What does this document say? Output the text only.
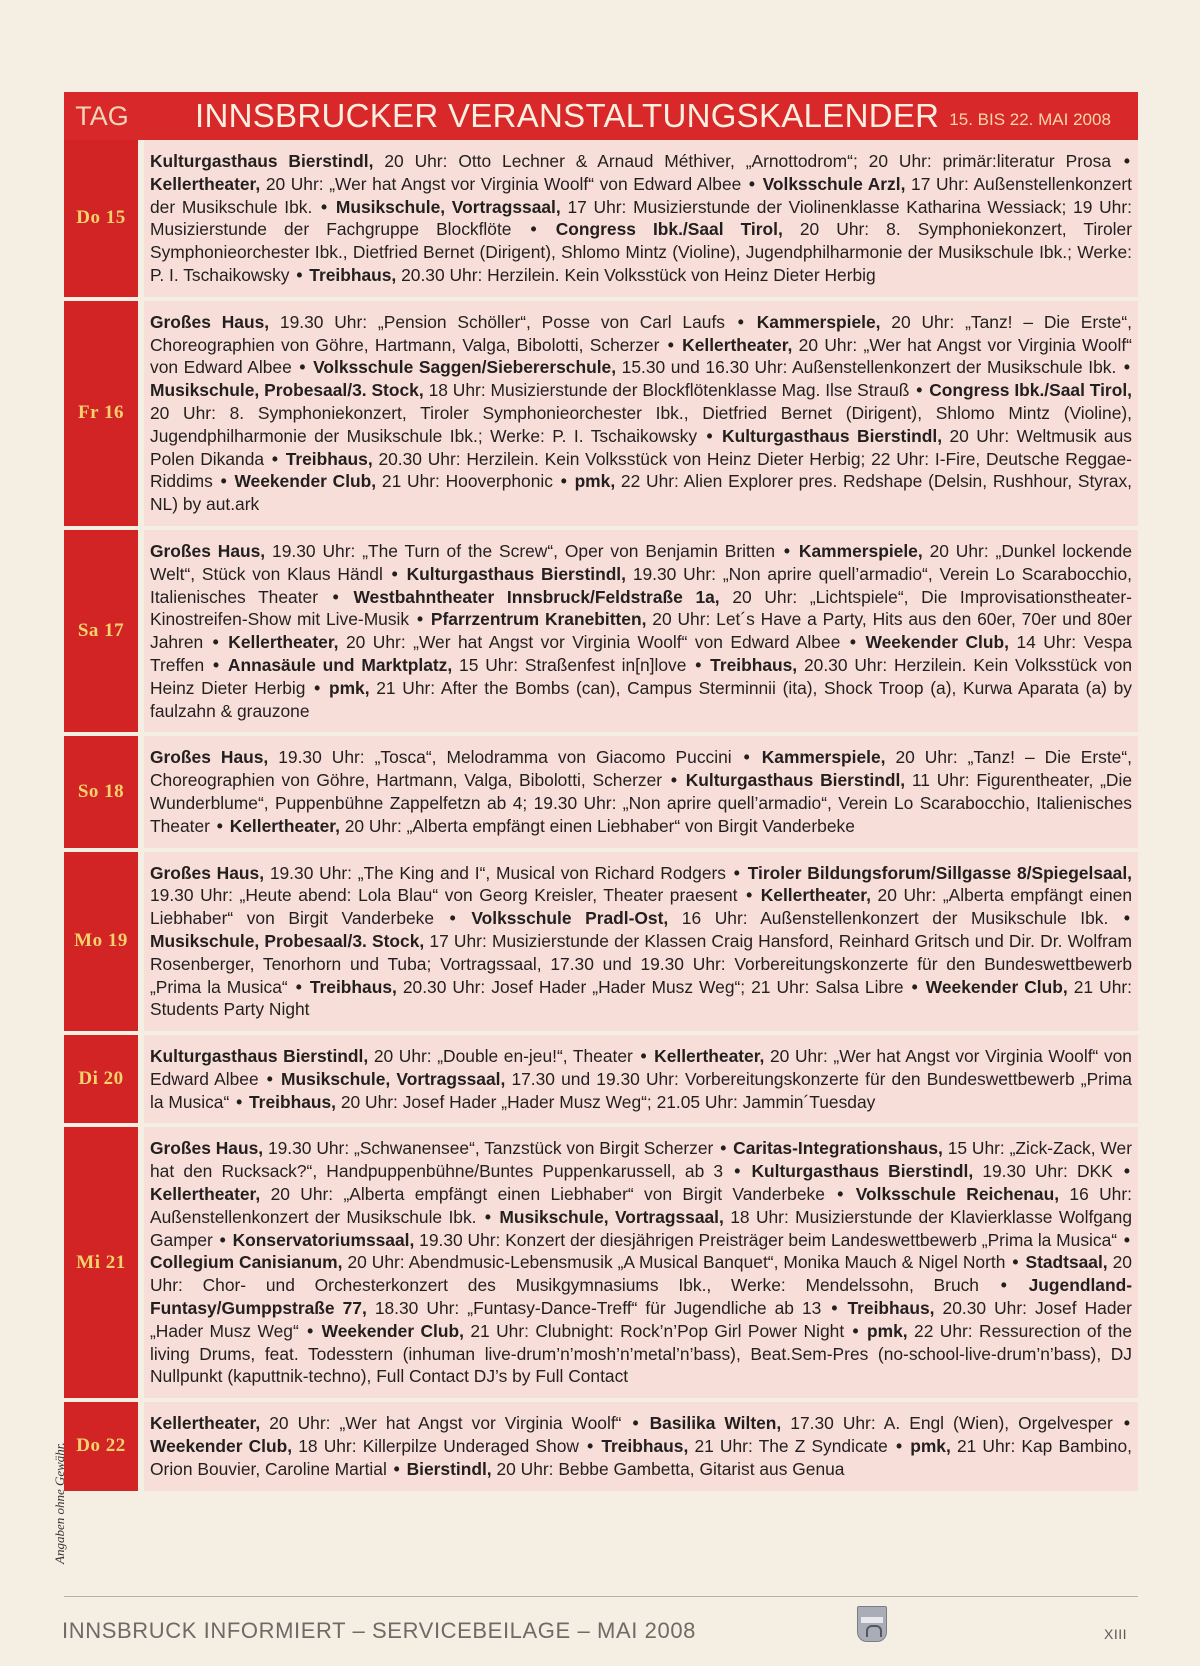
TAG	INNSBRUCKER VERANSTALTUNGSKALENDER 15. BIS 22. MAI 2008
Do 15
Kulturgasthaus Bierstindl, 20 Uhr: Otto Lechner & Arnaud Méthiver, „Arnottodrom“; 20 Uhr: primär:literatur Prosa • Kellertheater, 20 Uhr: „Wer hat Angst vor Virginia Woolf“ von Edward Albee • Volksschule Arzl, 17 Uhr: Außenstellenkonzert der Musikschule Ibk. • Musikschule, Vortragssaal, 17 Uhr: Musizierstunde der Violinenklasse Katharina Wessiack; 19 Uhr: Musizierstunde der Fachgruppe Blockflöte • Congress Ibk./Saal Tirol, 20 Uhr: 8. Symphoniekonzert, Tiroler Symphonieorchester Ibk., Dietfried Bernet (Dirigent), Shlomo Mintz (Violine), Jugendphilharmonie der Musikschule Ibk.; Werke: P. I. Tschaikowsky • Treibhaus, 20.30 Uhr: Herzilein. Kein Volksstück von Heinz Dieter Herbig
Fr 16
Großes Haus, 19.30 Uhr: „Pension Schöller“, Posse von Carl Laufs • Kammerspiele, 20 Uhr: „Tanz! – Die Erste“, Choreographien von Göhre, Hartmann, Valga, Bibolotti, Scherzer • Kellertheater, 20 Uhr: „Wer hat Angst vor Virginia Woolf“ von Edward Albee • Volksschule Saggen/Siebererschule, 15.30 und 16.30 Uhr: Außenstellenkonzert der Musikschule Ibk. • Musikschule, Probesaal/3. Stock, 18 Uhr: Musizierstunde der Blockflötenklasse Mag. Ilse Strauß • Congress Ibk./Saal Tirol, 20 Uhr: 8. Symphoniekonzert, Tiroler Symphonieorchester Ibk., Dietfried Bernet (Dirigent), Shlomo Mintz (Violine), Jugendphilharmonie der Musikschule Ibk.; Werke: P. I. Tschaikowsky • Kulturgasthaus Bierstindl, 20 Uhr: Weltmusik aus Polen Dikanda • Treibhaus, 20.30 Uhr: Herzilein. Kein Volksstück von Heinz Dieter Herbig; 22 Uhr: I-Fire, Deutsche Reggae-Riddims • Weekender Club, 21 Uhr: Hooverphonic • pmk, 22 Uhr: Alien Explorer pres. Redshape (Delsin, Rushhour, Styrax, NL) by aut.ark
Sa 17
Großes Haus, 19.30 Uhr: „The Turn of the Screw“, Oper von Benjamin Britten • Kammerspiele, 20 Uhr: „Dunkel lockende Welt“, Stück von Klaus Händl • Kulturgasthaus Bierstindl, 19.30 Uhr: „Non aprire quell’armadio“, Verein Lo Scarabocchio, Italienisches Theater • Westbahntheater Innsbruck/Feldstraße 1a, 20 Uhr: „Lichtspiele“, Die Improvisationstheater-Kinostreifen-Show mit Live-Musik • Pfarrzentrum Kranebitten, 20 Uhr: Let´s Have a Party, Hits aus den 60er, 70er und 80er Jahren • Kellertheater, 20 Uhr: „Wer hat Angst vor Virginia Woolf“ von Edward Albee • Weekender Club, 14 Uhr: Vespa Treffen • Annasäule und Marktplatz, 15 Uhr: Straßenfest in[n]love • Treibhaus, 20.30 Uhr: Herzilein. Kein Volksstück von Heinz Dieter Herbig • pmk, 21 Uhr: After the Bombs (can), Campus Sterminnii (ita), Shock Troop (a), Kurwa Aparata (a) by faulzahn & grauzone
So 18
Großes Haus, 19.30 Uhr: „Tosca“, Melodramma von Giacomo Puccini • Kammerspiele, 20 Uhr: „Tanz! – Die Erste“, Choreographien von Göhre, Hartmann, Valga, Bibolotti, Scherzer • Kulturgasthaus Bierstindl, 11 Uhr: Figurentheater, „Die Wunderblume“, Puppenbühne Zappelfetzn ab 4; 19.30 Uhr: „Non aprire quell’armadio“, Verein Lo Scarabocchio, Italienisches Theater • Kellertheater, 20 Uhr: „Alberta empfängt einen Liebhaber“ von Birgit Vanderbeke
Mo 19
Großes Haus, 19.30 Uhr: „The King and I“, Musical von Richard Rodgers • Tiroler Bildungsforum/Sillgasse 8/Spiegelsaal, 19.30 Uhr: „Heute abend: Lola Blau“ von Georg Kreisler, Theater praesent • Kellertheater, 20 Uhr: „Alberta empfängt einen Liebhaber“ von Birgit Vanderbeke • Volksschule Pradl-Ost, 16 Uhr: Außenstellenkonzert der Musikschule Ibk. • Musikschule, Probesaal/3. Stock, 17 Uhr: Musizierstunde der Klassen Craig Hansford, Reinhard Gritsch und Dir. Dr. Wolfram Rosenberger, Tenorhorn und Tuba; Vortragssaal, 17.30 und 19.30 Uhr: Vorbereitungskonzerte für den Bundeswettbewerb „Prima la Musica“ • Treibhaus, 20.30 Uhr: Josef Hader „Hader Musz Weg“; 21 Uhr: Salsa Libre • Weekender Club, 21 Uhr: Students Party Night
Di 20
Kulturgasthaus Bierstindl, 20 Uhr: „Double en-jeu!“, Theater • Kellertheater, 20 Uhr: „Wer hat Angst vor Virginia Woolf“ von Edward Albee • Musikschule, Vortragssaal, 17.30 und 19.30 Uhr: Vorbereitungskonzerte für den Bundeswettbewerb „Prima la Musica“ • Treibhaus, 20 Uhr: Josef Hader „Hader Musz Weg“; 21.05 Uhr: Jammin´Tuesday
Mi 21
Großes Haus, 19.30 Uhr: „Schwanensee“, Tanzstück von Birgit Scherzer • Caritas-Integrationshaus, 15 Uhr: „Zick-Zack, Wer hat den Rucksack?“, Handpuppenbühne/Buntes Puppenkarussell, ab 3 • Kulturgasthaus Bierstindl, 19.30 Uhr: DKK • Kellertheater, 20 Uhr: „Alberta empfängt einen Liebhaber“ von Birgit Vanderbeke • Volksschule Reichenau, 16 Uhr: Außenstellenkonzert der Musikschule Ibk. • Musikschule, Vortragssaal, 18 Uhr: Musizierstunde der Klavierklasse Wolfgang Gamper • Konservatoriumssaal, 19.30 Uhr: Konzert der diesjährigen Preisträger beim Landeswettbewerb „Prima la Musica“ • Collegium Canisianum, 20 Uhr: Abendmusic-Lebensmusik „A Musical Banquet“, Monika Mauch & Nigel North • Stadtsaal, 20 Uhr: Chor- und Orchesterkonzert des Musikgymnasiums Ibk., Werke: Mendelssohn, Bruch • Jugendland-Funtasy/Gumppstraße 77, 18.30 Uhr: „Funtasy-Dance-Treff“ für Jugendliche ab 13 • Treibhaus, 20.30 Uhr: Josef Hader „Hader Musz Weg“ • Weekender Club, 21 Uhr: Clubnight: Rock’n’Pop Girl Power Night • pmk, 22 Uhr: Ressurection of the living Drums, feat. Todesstern (inhuman live-drum’n’mosh’n’metal’n’bass), Beat.Sem-Pres (no-school-live-drum’n’bass), DJ Nullpunkt (kaputtnik-techno), Full Contact DJ’s by Full Contact
Do 22
Kellertheater, 20 Uhr: „Wer hat Angst vor Virginia Woolf“ • Basilika Wilten, 17.30 Uhr: A. Engl (Wien), Orgelvesper • Weekender Club, 18 Uhr: Killerpilze Underaged Show • Treibhaus, 21 Uhr: The Z Syndicate • pmk, 21 Uhr: Kap Bambino, Orion Bouvier, Caroline Martial • Bierstindl, 20 Uhr: Bebbe Gambetta, Gitarist aus Genua
Angaben ohne Gewähr.
INNSBRUCK INFORMIERT – SERVICEBEILAGE – MAI 2008	XIII
